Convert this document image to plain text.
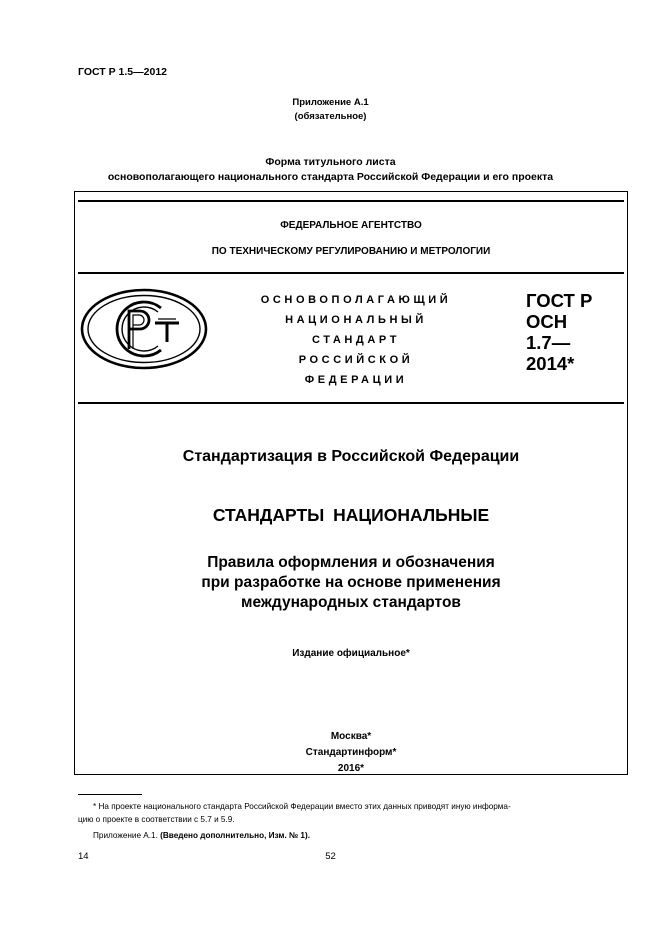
ГОСТ Р 1.5—2012
Приложение А.1
(обязательное)
Форма титульного листа
основополагающего национального стандарта Российской Федерации и его проекта
ФЕДЕРАЛЬНОЕ АГЕНТСТВО
ПО ТЕХНИЧЕСКОМУ РЕГУЛИРОВАНИЮ И МЕТРОЛОГИИ
ОСНОВОПОЛАГАЮЩИЙ
НАЦИОНАЛЬНЫЙ
СТАНДАРТ
РОССИЙСКОЙ
ФЕДЕРАЦИИ
ГОСТ Р
ОСН
1.7—
2014*
Стандартизация в Российской Федерации
СТАНДАРТЫ НАЦИОНАЛЬНЫЕ
Правила оформления и обозначения
при разработке на основе применения
международных стандартов
Издание официальное*
Москва*
Стандартинформ*
2016*
* На проекте национального стандарта Российской Федерации вместо этих данных приводят иную информа-
цию о проекте в соответствии с 5.7 и 5.9.
Приложение А.1. (Введено дополнительно, Изм. № 1).
14	52
